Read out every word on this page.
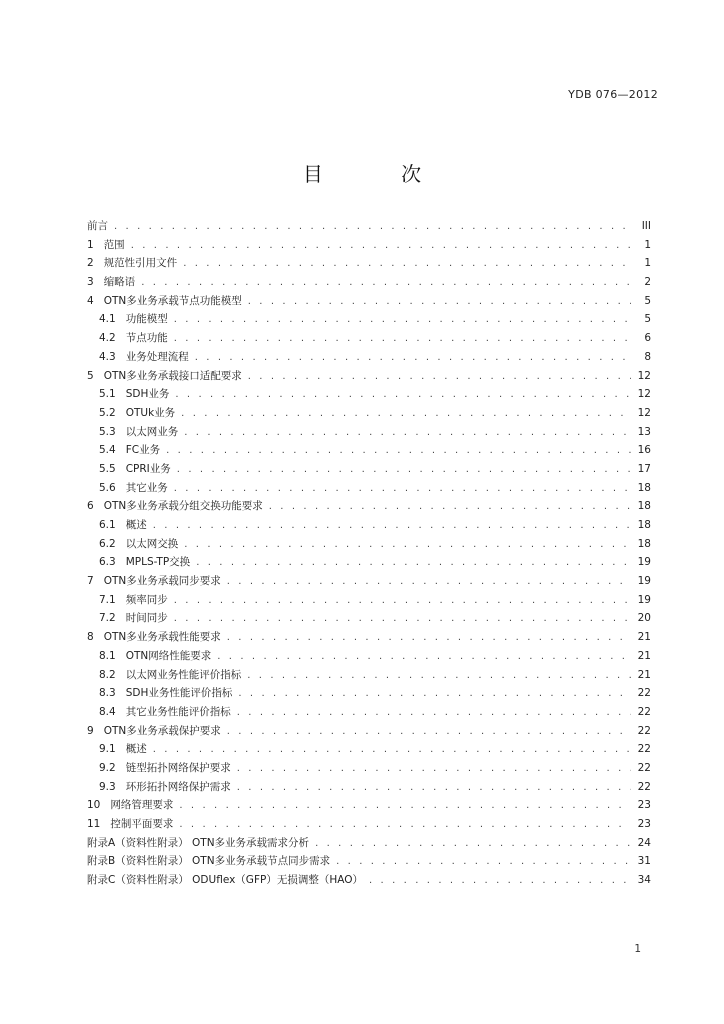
YDB 076—2012
目 次
前言 . . .	III
1 范围 . . .	1
2 规范性引用文件 . . .	1
3 缩略语 . . .	2
4 OTN多业务承载节点功能模型 . . .	5
4.1 功能模型 . . .	5
4.2 节点功能 . . .	6
4.3 业务处理流程 . . .	8
5 OTN多业务承载接口适配要求 . . .	12
5.1 SDH业务 . . .	12
5.2 OTUk业务 . . .	12
5.3 以太网业务 . . .	13
5.4 FC业务 . . .	16
5.5 CPRI业务 . . .	17
5.6 其它业务 . . .	18
6 OTN多业务承载分组交换功能要求 . . .	18
6.1 概述 . . .	18
6.2 以太网交换 . . .	18
6.3 MPLS-TP交换 . . .	19
7 OTN多业务承载同步要求 . . .	19
7.1 频率同步 . . .	19
7.2 时间同步 . . .	20
8 OTN多业务承载性能要求 . . .	21
8.1 OTN网络性能要求 . . .	21
8.2 以太网业务性能评价指标 . . .	21
8.3 SDH业务性能评价指标 . . .	22
8.4 其它业务性能评价指标 . . .	22
9 OTN多业务承载保护要求 . . .	22
9.1 概述 . . .	22
9.2 链型拓扑网络保护要求 . . .	22
9.3 环形拓扑网络保护需求 . . .	22
10 网络管理要求 . . .	23
11 控制平面要求 . . .	23
附录A（资料性附录） OTN多业务承载需求分析 . . .	24
附录B（资料性附录） OTN多业务承载节点同步需求 . . .	31
附录C（资料性附录） ODUflex（GFP）无损调整（HAO） . . .	34
1
